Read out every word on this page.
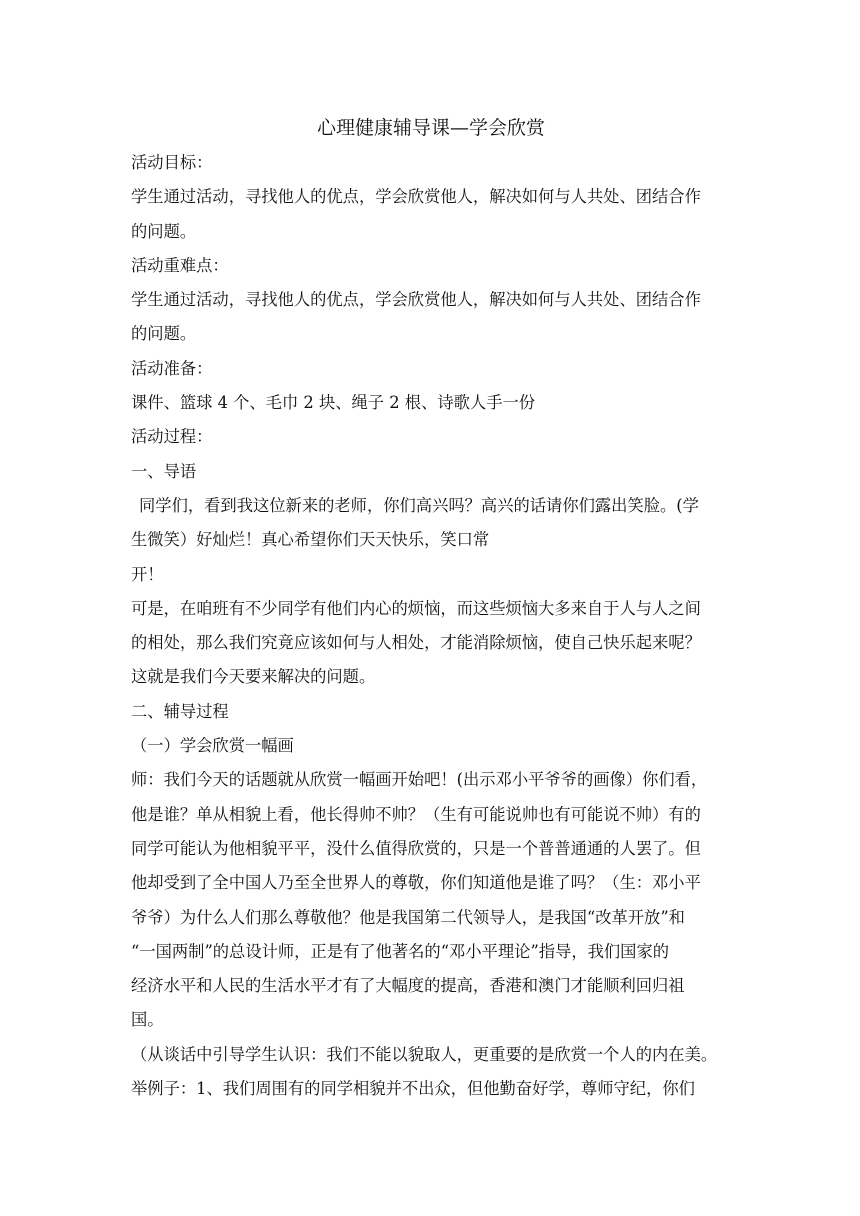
心理健康辅导课—学会欣赏

活动目标：

学生通过活动，寻找他人的优点，学会欣赏他人，解决如何与人共处、团结合作

的问题。

活动重难点：

学生通过活动，寻找他人的优点，学会欣赏他人，解决如何与人共处、团结合作

的问题。

活动准备：

课件、篮球 4 个、毛巾 2 块、绳子 2 根、诗歌人手一份

活动过程：

一、导语

同学们，看到我这位新来的老师，你们高兴吗？高兴的话请你们露出笑脸。(学

生微笑）好灿烂！真心希望你们天天快乐，笑口常

开！

可是，在咱班有不少同学有他们内心的烦恼，而这些烦恼大多来自于人与人之间

的相处，那么我们究竟应该如何与人相处，才能消除烦恼，使自己快乐起来呢？

这就是我们今天要来解决的问题。

二、辅导过程

（一）学会欣赏一幅画

师：我们今天的话题就从欣赏一幅画开始吧！(出示邓小平爷爷的画像）你们看，

他是谁？单从相貌上看，他长得帅不帅？（生有可能说帅也有可能说不帅）有的

同学可能认为他相貌平平，没什么值得欣赏的，只是一个普普通通的人罢了。但

他却受到了全中国人乃至全世界人的尊敬，你们知道他是谁了吗？（生：邓小平

爷爷）为什么人们那么尊敬他？他是我国第二代领导人，是我国“改革开放”和

“一国两制”的总设计师，正是有了他著名的“邓小平理论”指导，我们国家的

经济水平和人民的生活水平才有了大幅度的提高，香港和澳门才能顺利回归祖

国。

（从谈话中引导学生认识：我们不能以貌取人，更重要的是欣赏一个人的内在美。

举例子：1、我们周围有的同学相貌并不出众，但他勤奋好学，尊师守纪，你们
